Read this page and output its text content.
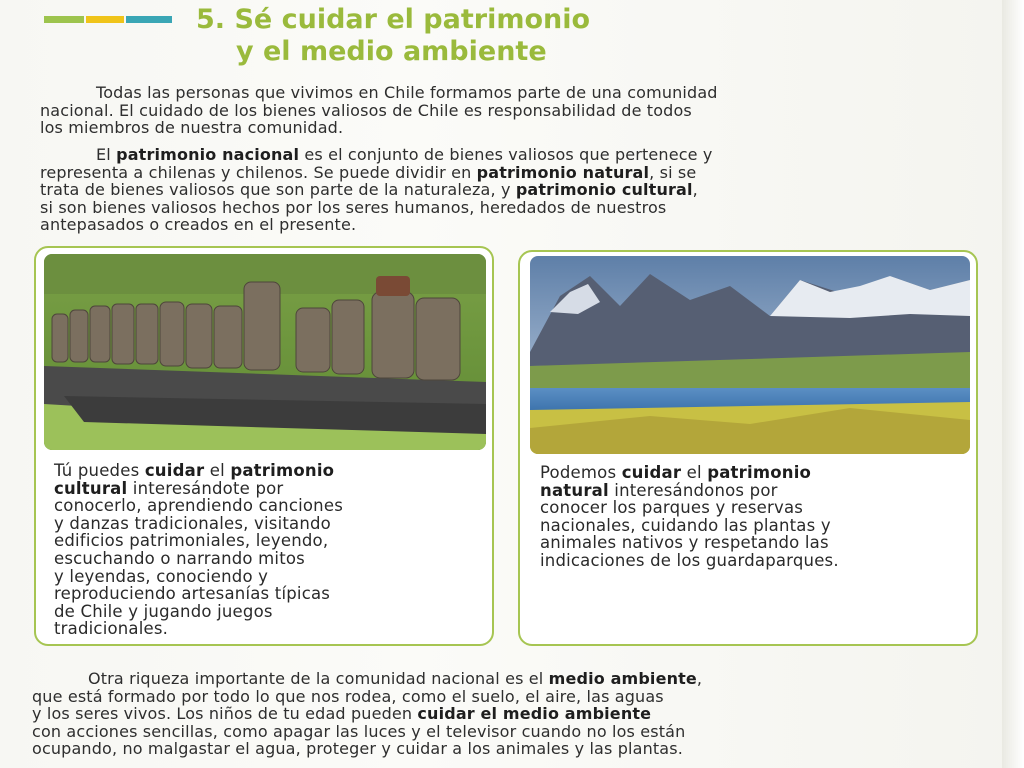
5. Sé cuidar el patrimonio
y el medio ambiente

Todas las personas que vivimos en Chile formamos parte de una comunidad
nacional. El cuidado de los bienes valiosos de Chile es responsabilidad de todos
los miembros de nuestra comunidad.

El patrimonio nacional es el conjunto de bienes valiosos que pertenece y
representa a chilenas y chilenos. Se puede dividir en patrimonio natural, si se
trata de bienes valiosos que son parte de la naturaleza, y patrimonio cultural,
si son bienes valiosos hechos por los seres humanos, heredados de nuestros
antepasados o creados en el presente.

Tú puedes cuidar el patrimonio
cultural interesándote por
conocerlo, aprendiendo canciones
y danzas tradicionales, visitando
edificios patrimoniales, leyendo,
escuchando o narrando mitos
y leyendas, conociendo y
reproduciendo artesanías típicas
de Chile y jugando juegos
tradicionales.

Podemos cuidar el patrimonio
natural interesándonos por
conocer los parques y reservas
nacionales, cuidando las plantas y
animales nativos y respetando las
indicaciones de los guardaparques.

Otra riqueza importante de la comunidad nacional es el medio ambiente,
que está formado por todo lo que nos rodea, como el suelo, el aire, las aguas
y los seres vivos. Los niños de tu edad pueden cuidar el medio ambiente
con acciones sencillas, como apagar las luces y el televisor cuando no los están
ocupando, no malgastar el agua, proteger y cuidar a los animales y las plantas.
